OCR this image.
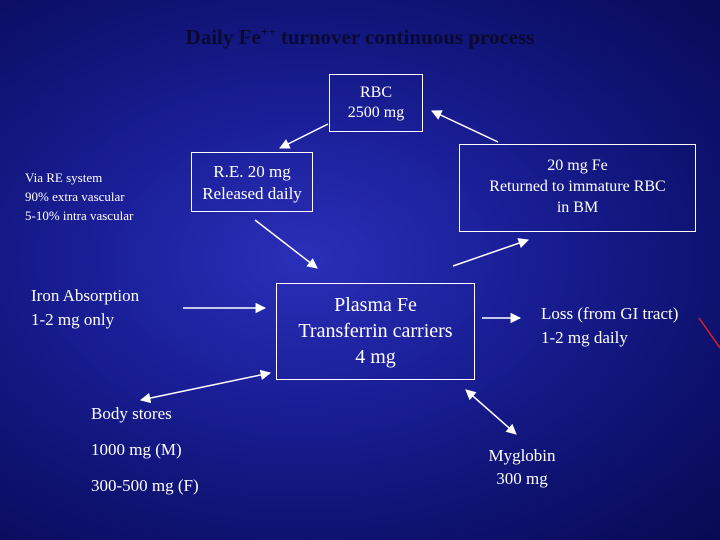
Daily Fe++ turnover continuous process
RBC
2500 mg
R.E. 20 mg
Released daily
20 mg Fe
Returned to immature RBC
in BM
Via RE system
90% extra vascular
5-10% intra vascular
Iron Absorption
1-2 mg only
Plasma Fe
Transferrin carriers
4 mg
Loss (from GI tract)
1-2 mg daily
Body stores
1000 mg (M)
300-500 mg (F)
Myglobin
300 mg
